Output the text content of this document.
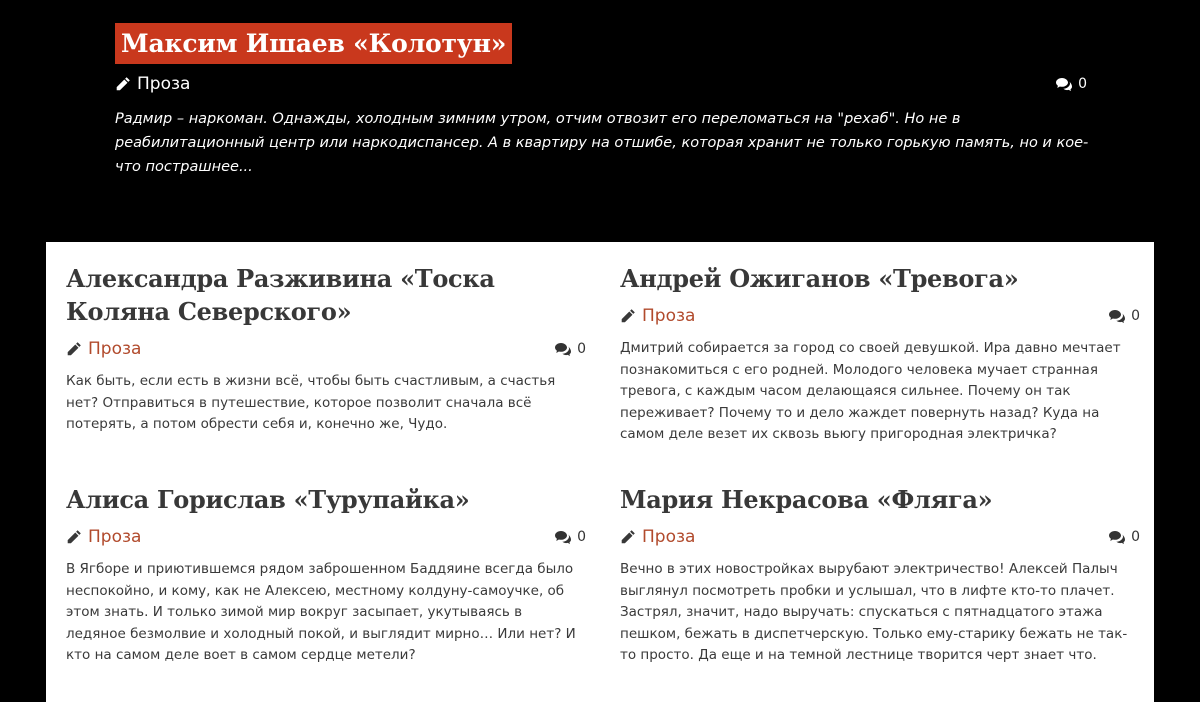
Максим Ишаев «Колотун»
Проза	0

Радмир – наркоман. Однажды, холодным зимним утром, отчим отвозит его переломаться на "рехаб". Но не в реабилитационный центр или наркодиспансер. А в квартиру на отшибе, которая хранит не только горькую память, но и кое-что пострашнее...

Александра Разживина «Тоска Коляна Северского»
Проза	0

Как быть, если есть в жизни всё, чтобы быть счастливым, а счастья нет? Отправиться в путешествие, которое позволит сначала всё потерять, а потом обрести себя и, конечно же, Чудо.

Андрей Ожиганов «Тревога»
Проза	0

Дмитрий собирается за город со своей девушкой. Ира давно мечтает познакомиться с его родней. Молодого человека мучает странная тревога, с каждым часом делающаяся сильнее. Почему он так переживает? Почему то и дело жаждет повернуть назад? Куда на самом деле везет их сквозь вьюгу пригородная электричка?

Алиса Горислав «Турупайка»
Проза	0

В Ягборе и приютившемся рядом заброшенном Баддяине всегда было неспокойно, и кому, как не Алексею, местному колдуну-самоучке, об этом знать. И только зимой мир вокруг засыпает, укутываясь в ледяное безмолвие и холодный покой, и выглядит мирно… Или нет? И кто на самом деле воет в самом сердце метели?

Мария Некрасова «Фляга»
Проза	0

Вечно в этих новостройках вырубают электричество! Алексей Палыч выглянул посмотреть пробки и услышал, что в лифте кто-то плачет. Застрял, значит, надо выручать: спускаться с пятнадцатого этажа пешком, бежать в диспетчерскую. Только ему-старику бежать не так-то просто. Да еще и на темной лестнице творится черт знает что.
